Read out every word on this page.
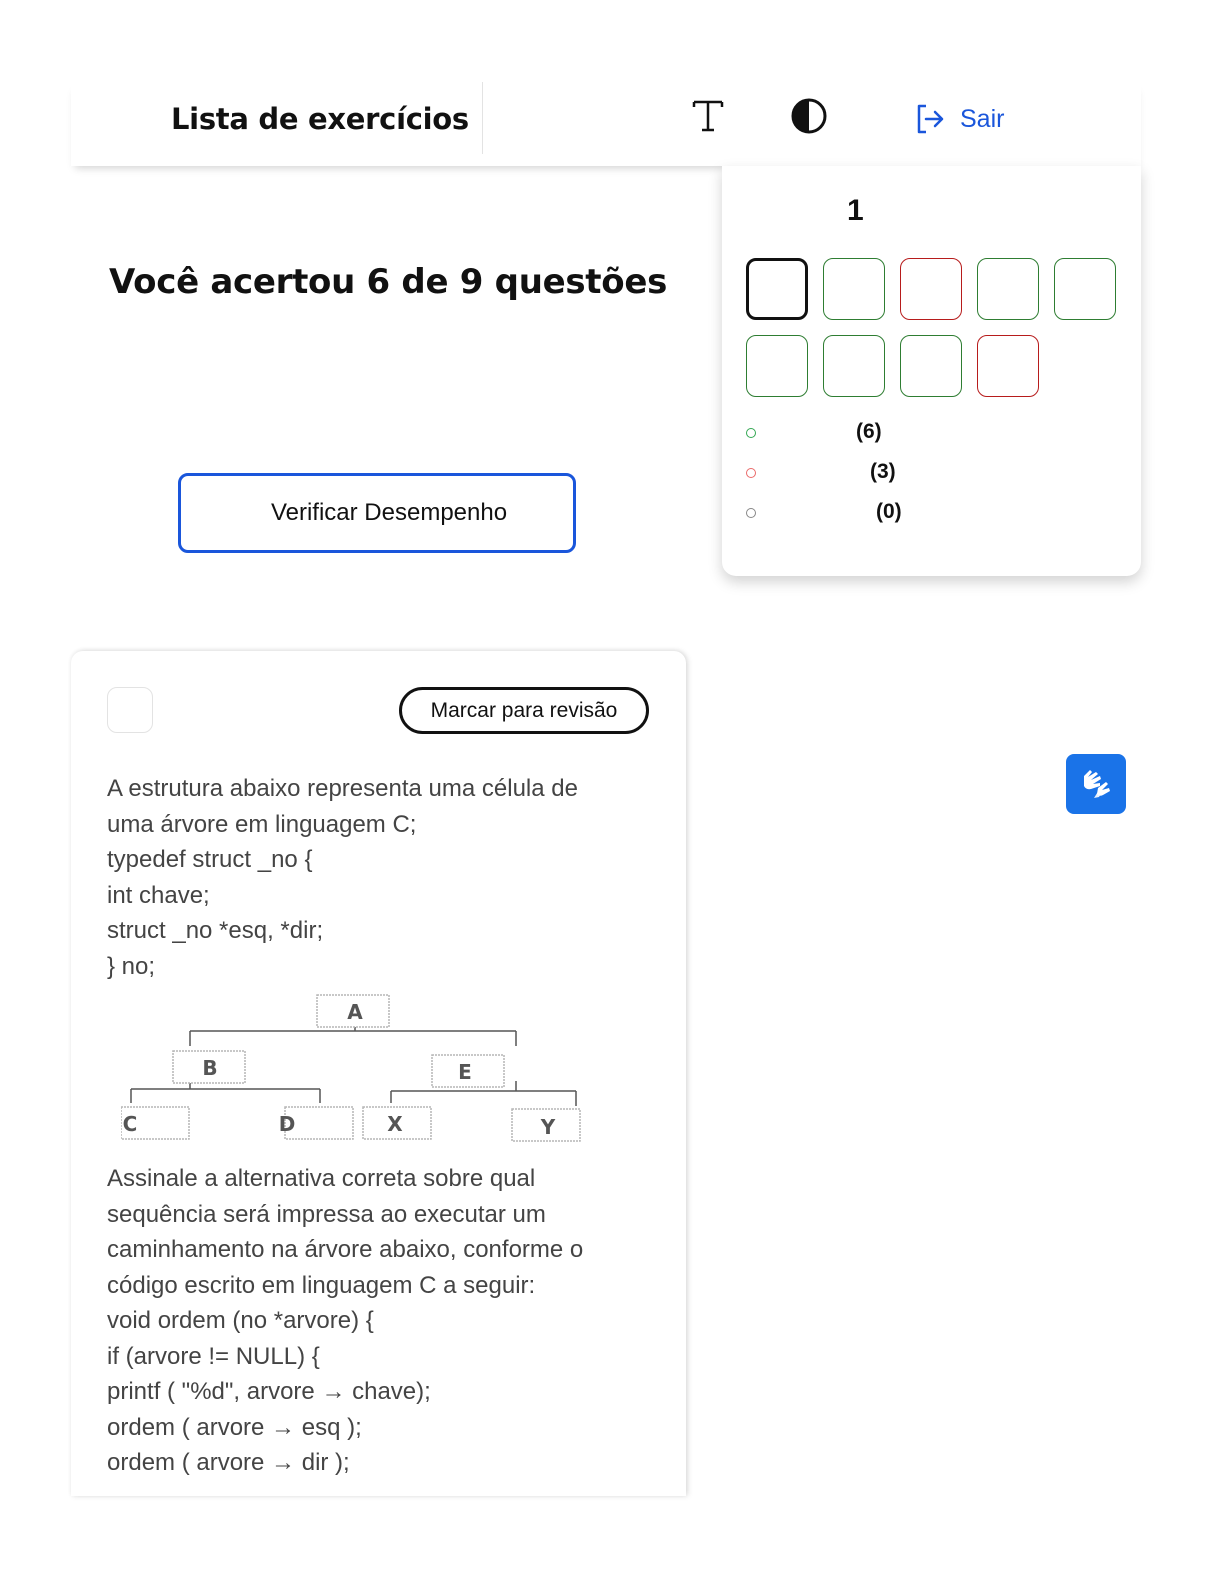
Lista de exercícios	Sair
Você acertou 6 de 9 questões
Verificar Desempenho
1
(6)
(3)
(0)
Marcar para revisão
A estrutura abaixo representa uma célula de
uma árvore em linguagem C;
typedef struct _no {
int chave;
struct _no *esq, *dir;
} no;
A
B	E
C	D	X	Y
Assinale a alternativa correta sobre qual
sequência será impressa ao executar um
caminhamento na árvore abaixo, conforme o
código escrito em linguagem C a seguir:
void ordem (no *arvore) {
if (arvore != NULL) {
printf ( "%d", arvore → chave);
ordem ( arvore → esq );
ordem ( arvore → dir );
